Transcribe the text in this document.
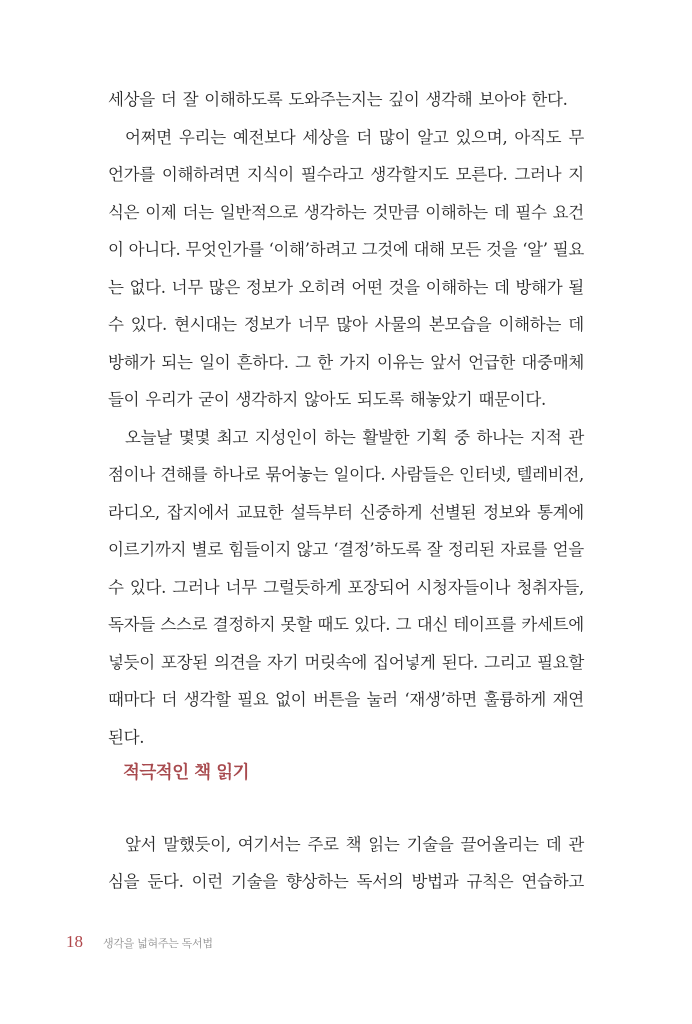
세상을 더 잘 이해하도록 도와주는지는 깊이 생각해 보아야 한다.
어쩌면 우리는 예전보다 세상을 더 많이 알고 있으며, 아직도 무
언가를 이해하려면 지식이 필수라고 생각할지도 모른다. 그러나 지
식은 이제 더는 일반적으로 생각하는 것만큼 이해하는 데 필수 요건
이 아니다. 무엇인가를 ‘이해’하려고 그것에 대해 모든 것을 ‘알’ 필요
는 없다. 너무 많은 정보가 오히려 어떤 것을 이해하는 데 방해가 될
수 있다. 현시대는 정보가 너무 많아 사물의 본모습을 이해하는 데
방해가 되는 일이 흔하다. 그 한 가지 이유는 앞서 언급한 대중매체
들이 우리가 굳이 생각하지 않아도 되도록 해놓았기 때문이다.
오늘날 몇몇 최고 지성인이 하는 활발한 기획 중 하나는 지적 관
점이나 견해를 하나로 묶어놓는 일이다. 사람들은 인터넷, 텔레비전,
라디오, 잡지에서 교묘한 설득부터 신중하게 선별된 정보와 통계에
이르기까지 별로 힘들이지 않고 ‘결정’하도록 잘 정리된 자료를 얻을
수 있다. 그러나 너무 그럴듯하게 포장되어 시청자들이나 청취자들,
독자들 스스로 결정하지 못할 때도 있다. 그 대신 테이프를 카세트에
넣듯이 포장된 의견을 자기 머릿속에 집어넣게 된다. 그리고 필요할
때마다 더 생각할 필요 없이 버튼을 눌러 ‘재생’하면 훌륭하게 재연
된다.
적극적인 책 읽기
앞서 말했듯이, 여기서는 주로 책 읽는 기술을 끌어올리는 데 관
심을 둔다. 이런 기술을 향상하는 독서의 방법과 규칙은 연습하고
18 생각을 넓혀주는 독서법
